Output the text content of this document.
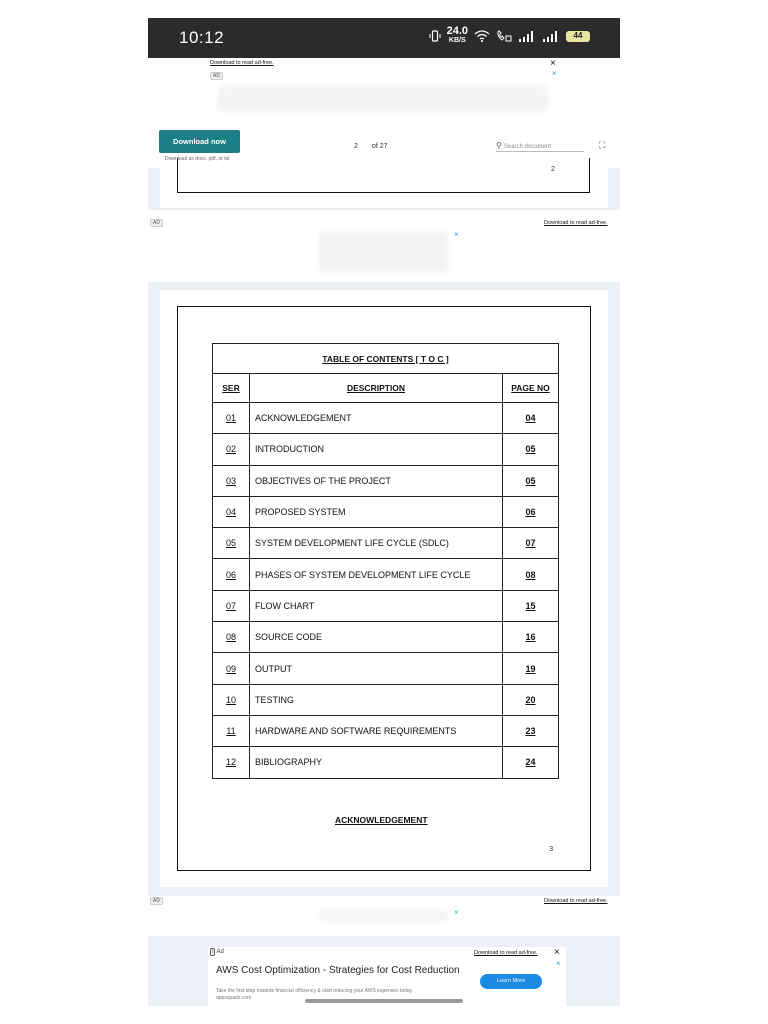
10:12	24.0
KB/S
44
Download to read ad-free.
AD
×
×
Download now
Download as docx, pdf, or txt
2 of 27	⚲ Search document	⛶
2
AD	Download to read ad-free.
×
TABLE OF CONTENTS [ T O C ]		
SER	DESCRIPTION	PAGE NO
01	ACKNOWLEDGEMENT	04
02	INTRODUCTION	05
03	OBJECTIVES OF THE PROJECT	05
04	PROPOSED SYSTEM	06
05	SYSTEM DEVELOPMENT LIFE CYCLE (SDLC)	07
06	PHASES OF SYSTEM DEVELOPMENT LIFE CYCLE	08
07	FLOW CHART	15
08	SOURCE CODE	16
09	OUTPUT	19
10	TESTING	20
11	HARDWARE AND SOFTWARE REQUIREMENTS	23
12	BIBLIOGRAPHY	24
ACKNOWLEDGEMENT
3
AD	Download to read ad-free.
×
i Ad	Download to read ad-free. ×
×
AWS Cost Optimization - Strategies for Cost Reduction
Take the first step towards financial efficiency & start reducing your AWS expenses today.
appsquadz.com
Learn More
